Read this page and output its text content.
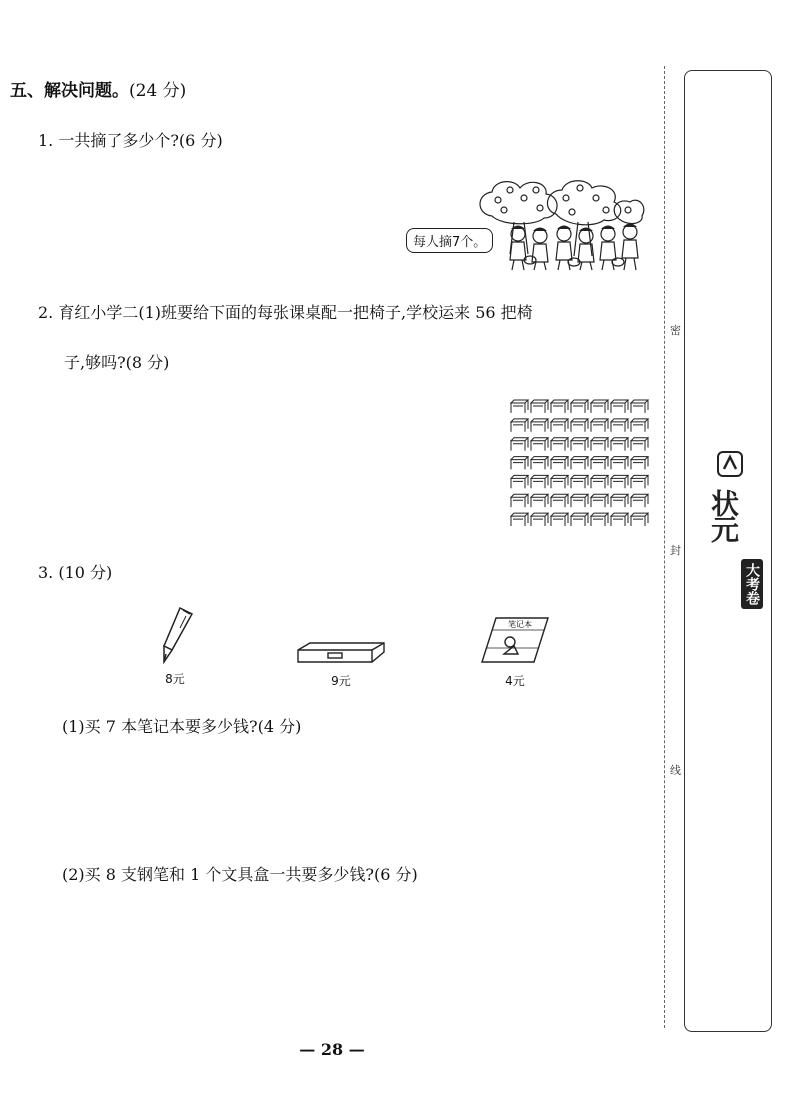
五、解决问题。(24 分)
1. 一共摘了多少个?(6 分)
每人摘7个。
2. 育红小学二(1)班要给下面的每张课桌配一把椅子,学校运来 56 把椅
子,够吗?(8 分)
3. (10 分)
8元	9元
笔记本
4元
(1)买 7 本笔记本要多少钱?(4 分)
(2)买 8 支钢笔和 1 个文具盒一共要多少钱?(6 分)
密
封
线
状元
大考卷
— 28 —
